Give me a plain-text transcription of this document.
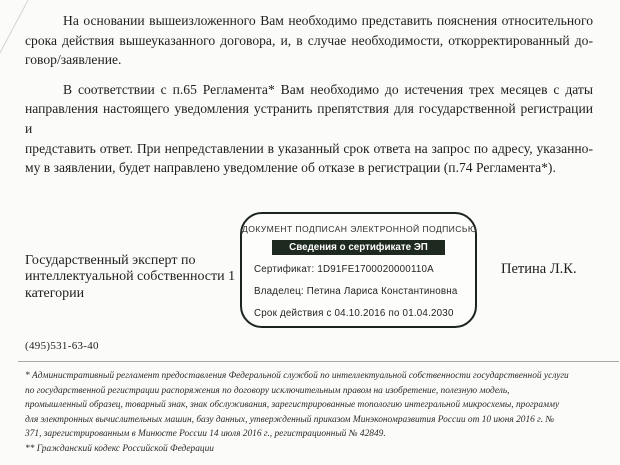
На основании вышеизложенного Вам необходимо представить пояснения относительного
срока действия вышеуказанного договора, и, в случае необходимости, откорректированный до-
говор/заявление.
В соответствии с п.65 Регламента* Вам необходимо до истечения трех месяцев с даты
направления настоящего уведомления устранить препятствия для государственной регистрации и
представить ответ. При непредставлении в указанный срок ответа на запрос по адресу, указанно-
му в заявлении, будет направлено уведомление об отказе в регистрации (п.74 Регламента*).
Государственный эксперт по
интеллектуальной собственности 1
категории
ДОКУМЕНТ ПОДПИСАН ЭЛЕКТРОННОЙ ПОДПИСЬЮ
Сведения о сертификате ЭП
Сертификат: 1D91FE1700020000110A
Владелец: Петина Лариса Константиновна
Срок действия с 04.10.2016 по 01.04.2030
Петина Л.К.
(495)531-63-40
* Административный регламент предоставления Федеральной службой по интеллектуальной собственности государственной услуги
по государственной регистрации распоряжения по договору исключительным правом на изобретение, полезную модель,
промышленный образец, товарный знак, знак обслуживания, зарегистрированные топологию интегральной микросхемы, программу
для электронных вычислительных машин, базу данных, утвержденный приказом Минэкономразвития России от 10 июня 2016 г. №
371, зарегистрированным в Минюсте России 14 июля 2016 г., регистрационный № 42849.
** Гражданский кодекс Российской Федерации
